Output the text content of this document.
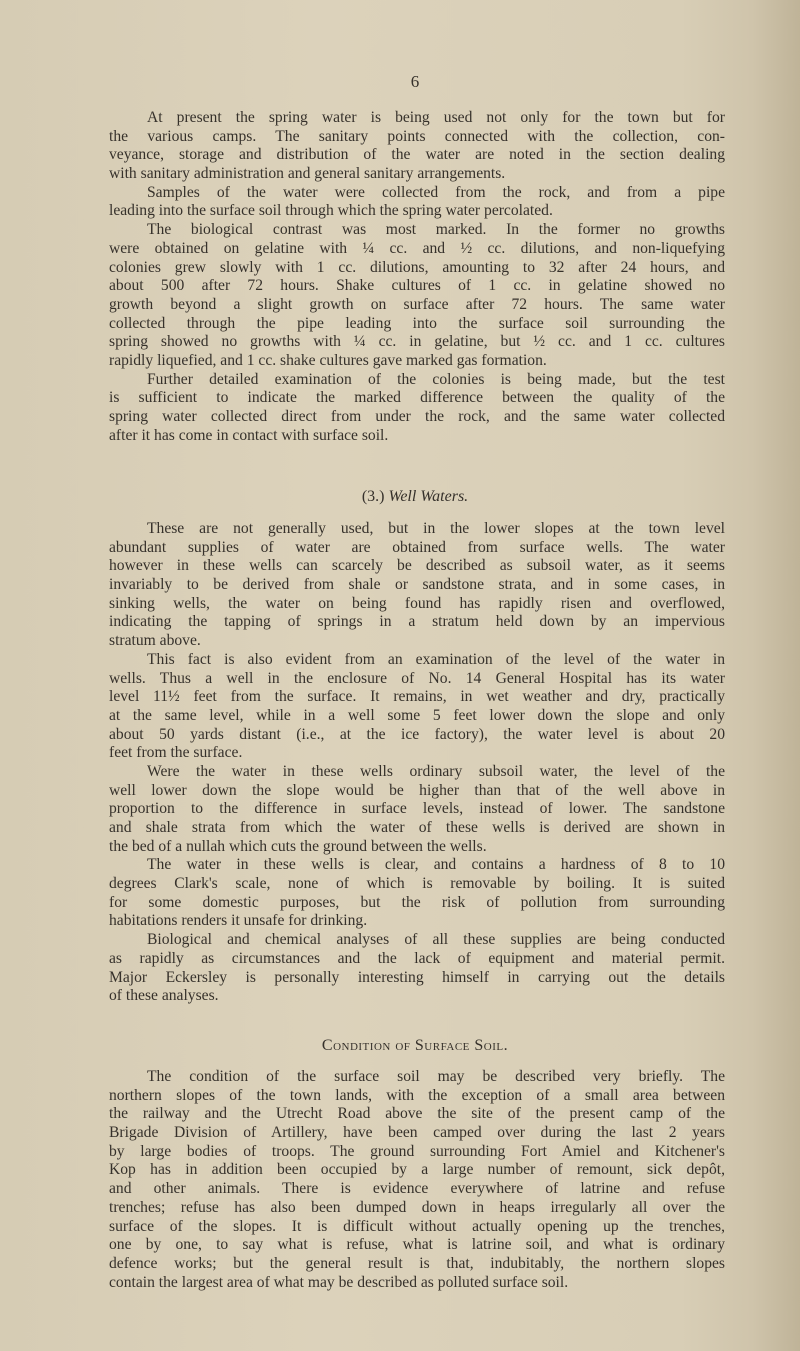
6
At present the spring water is being used not only for the town but for
the various camps. The sanitary points connected with the collection, con-
veyance, storage and distribution of the water are noted in the section dealing
with sanitary administration and general sanitary arrangements.
Samples of the water were collected from the rock, and from a pipe
leading into the surface soil through which the spring water percolated.
The biological contrast was most marked. In the former no growths
were obtained on gelatine with ¼ cc. and ½ cc. dilutions, and non-liquefying
colonies grew slowly with 1 cc. dilutions, amounting to 32 after 24 hours, and
about 500 after 72 hours. Shake cultures of 1 cc. in gelatine showed no
growth beyond a slight growth on surface after 72 hours. The same water
collected through the pipe leading into the surface soil surrounding the
spring showed no growths with ¼ cc. in gelatine, but ½ cc. and 1 cc. cultures
rapidly liquefied, and 1 cc. shake cultures gave marked gas formation.
Further detailed examination of the colonies is being made, but the test
is sufficient to indicate the marked difference between the quality of the
spring water collected direct from under the rock, and the same water collected
after it has come in contact with surface soil.
(3.) Well Waters.
These are not generally used, but in the lower slopes at the town level
abundant supplies of water are obtained from surface wells. The water
however in these wells can scarcely be described as subsoil water, as it seems
invariably to be derived from shale or sandstone strata, and in some cases, in
sinking wells, the water on being found has rapidly risen and overflowed,
indicating the tapping of springs in a stratum held down by an impervious
stratum above.
This fact is also evident from an examination of the level of the water in
wells. Thus a well in the enclosure of No. 14 General Hospital has its water
level 11½ feet from the surface. It remains, in wet weather and dry, practically
at the same level, while in a well some 5 feet lower down the slope and only
about 50 yards distant (i.e., at the ice factory), the water level is about 20
feet from the surface.
Were the water in these wells ordinary subsoil water, the level of the
well lower down the slope would be higher than that of the well above in
proportion to the difference in surface levels, instead of lower. The sandstone
and shale strata from which the water of these wells is derived are shown in
the bed of a nullah which cuts the ground between the wells.
The water in these wells is clear, and contains a hardness of 8 to 10
degrees Clark's scale, none of which is removable by boiling. It is suited
for some domestic purposes, but the risk of pollution from surrounding
habitations renders it unsafe for drinking.
Biological and chemical analyses of all these supplies are being conducted
as rapidly as circumstances and the lack of equipment and material permit.
Major Eckersley is personally interesting himself in carrying out the details
of these analyses.
Condition of Surface Soil.
The condition of the surface soil may be described very briefly. The
northern slopes of the town lands, with the exception of a small area between
the railway and the Utrecht Road above the site of the present camp of the
Brigade Division of Artillery, have been camped over during the last 2 years
by large bodies of troops. The ground surrounding Fort Amiel and Kitchener's
Kop has in addition been occupied by a large number of remount, sick depôt,
and other animals. There is evidence everywhere of latrine and refuse
trenches; refuse has also been dumped down in heaps irregularly all over the
surface of the slopes. It is difficult without actually opening up the trenches,
one by one, to say what is refuse, what is latrine soil, and what is ordinary
defence works; but the general result is that, indubitably, the northern slopes
contain the largest area of what may be described as polluted surface soil.
